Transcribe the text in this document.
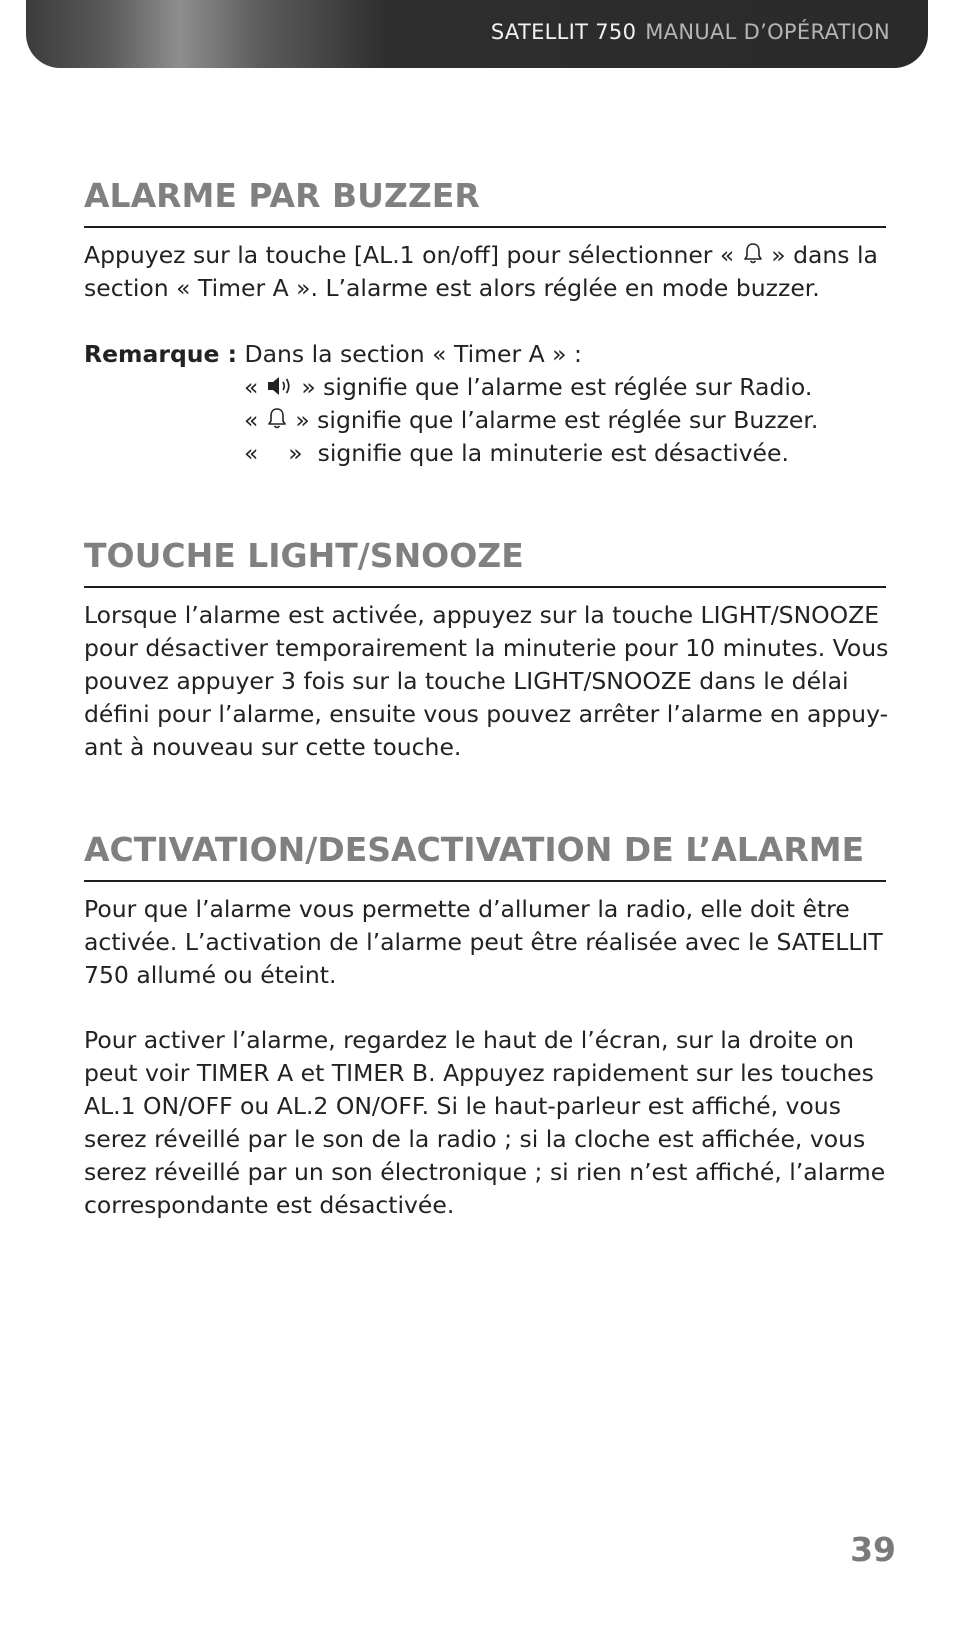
SATELLIT 750 MANUAL D’OPÉRATION
ALARME PAR BUZZER
Appuyez sur la touche [AL.1 on/off] pour sélectionner «  » dans la
section « Timer A ». L’alarme est alors réglée en mode buzzer.
Remarque : Dans la section « Timer A » :
«  » signifie que l’alarme est réglée sur Radio.
«  » signifie que l’alarme est réglée sur Buzzer.
«    »  signifie que la minuterie est désactivée.
TOUCHE LIGHT/SNOOZE
Lorsque l’alarme est activée, appuyez sur la touche LIGHT/SNOOZE
pour désactiver temporairement la minuterie pour 10 minutes. Vous
pouvez appuyer 3 fois sur la touche LIGHT/SNOOZE dans le délai
défini pour l’alarme, ensuite vous pouvez arrêter l’alarme en appuy-
ant à nouveau sur cette touche.
ACTIVATION/DESACTIVATION DE L’ALARME
Pour que l’alarme vous permette d’allumer la radio, elle doit être
activée. L’activation de l’alarme peut être réalisée avec le SATELLIT
750 allumé ou éteint.
Pour activer l’alarme, regardez le haut de l’écran, sur la droite on
peut voir TIMER A et TIMER B. Appuyez rapidement sur les touches
AL.1 ON/OFF ou AL.2 ON/OFF. Si le haut-parleur est affiché, vous
serez réveillé par le son de la radio ; si la cloche est affichée, vous
serez réveillé par un son électronique ; si rien n’est affiché, l’alarme
correspondante est désactivée.
39
